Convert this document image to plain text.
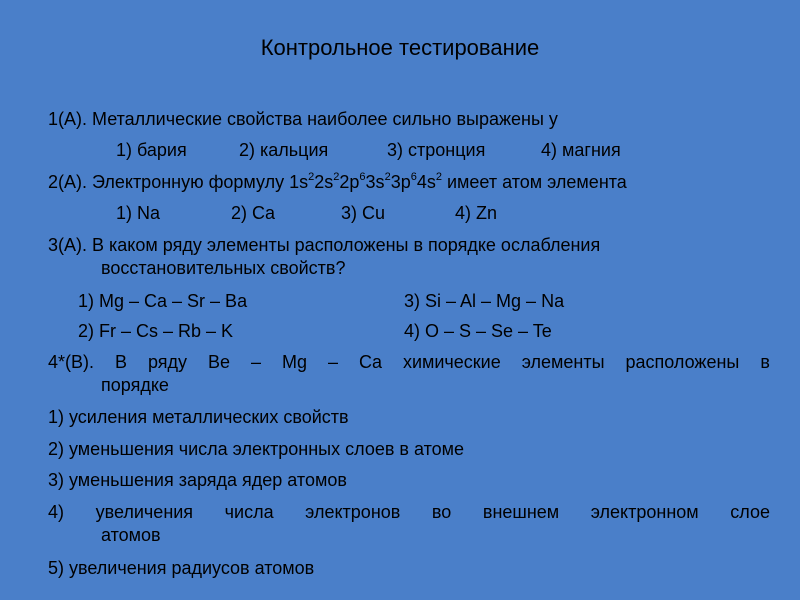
Контрольное тестирование
1(А). Металлические свойства наиболее сильно выражены у
1) бария	2) кальция	3) стронция	4) магния
2(А). Электронную формулу $1s^22s^22p^63s^23p^64s^2$ имеет атом элемента
1) Na	2) Ca	3) Cu	4) Zn
3(А). В каком ряду элементы расположены в порядке ослабления
восстановительных свойств?
1) Mg – Ca – Sr – Ba	3) Si – Al – Mg – Na
2) Fr – Cs – Rb – K	4) O – S – Se – Te
4*(В). В ряду Be – Mg – Ca химические элементы расположены в
порядке
1) усиления металлических свойств
2) уменьшения числа электронных слоев в атоме
3) уменьшения заряда ядер атомов
4) увеличения числа электронов во внешнем электронном слое
атомов
5) увеличения радиусов атомов
